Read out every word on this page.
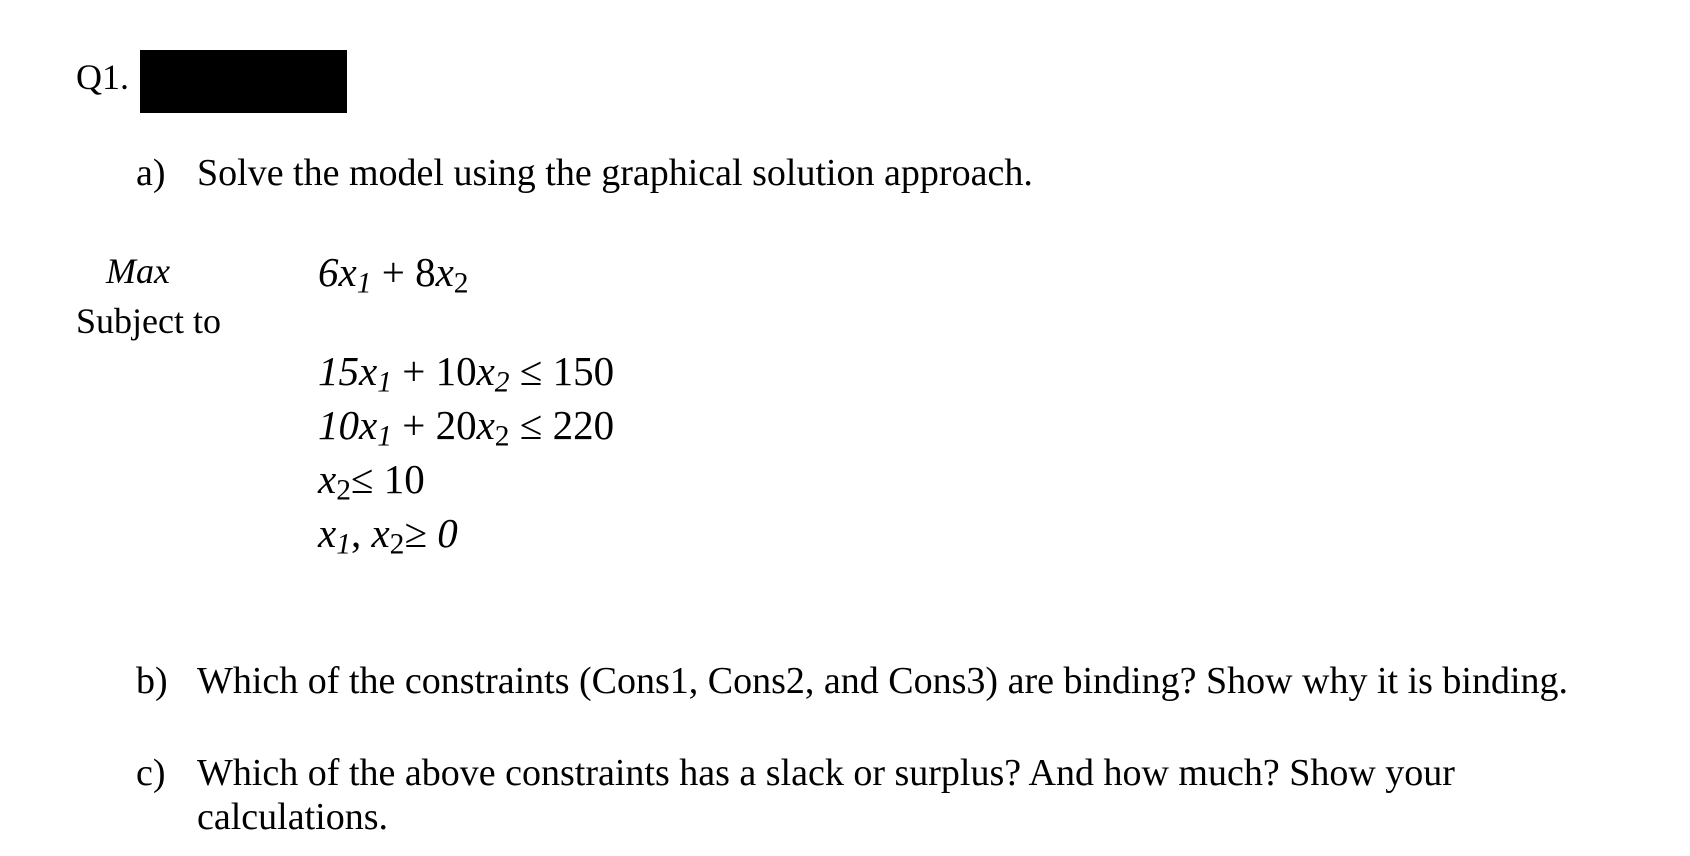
Q1.
a) Solve the model using the graphical solution approach.
Max
Subject to
$6x_1 + 8x_2$
$15x_1 + 10x_2 \le 150$
$10x_1 + 20x_2 \le 220$
$x_2\le 10$
$x_1$, $x_2\ge 0$
b) Which of the constraints (Cons1, Cons2, and Cons3) are binding? Show why it is binding.
c) Which of the above constraints has a slack or surplus? And how much? Show your calculations.
